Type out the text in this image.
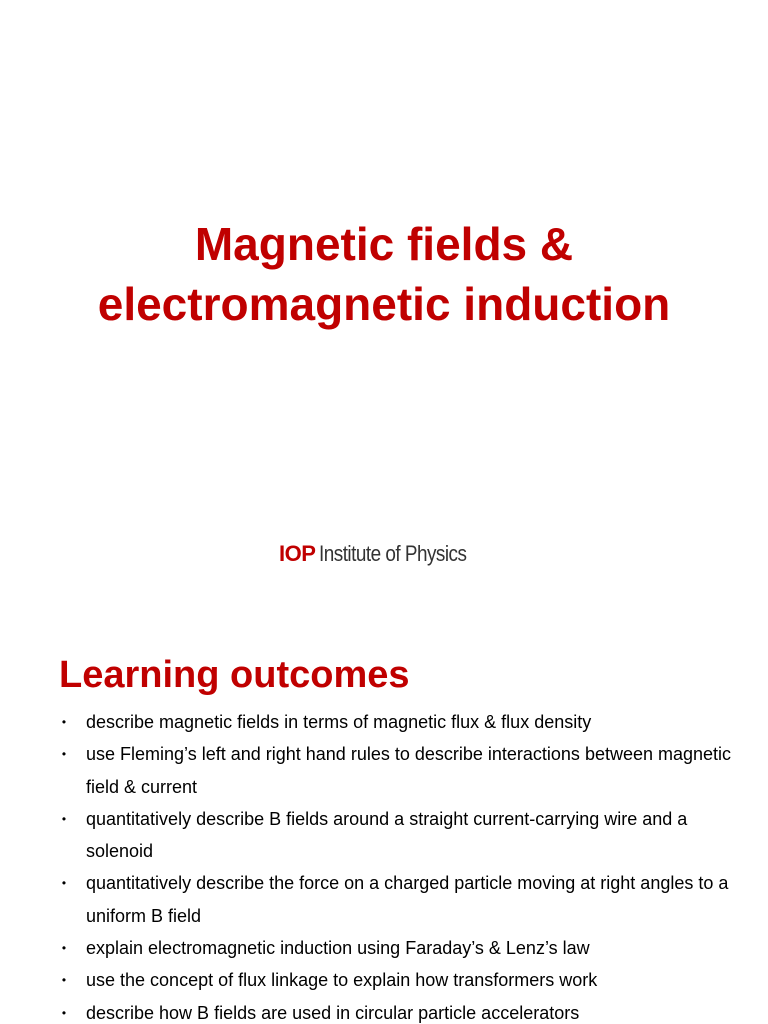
Magnetic fields &
electromagnetic induction
IOP Institute of Physics
Learning outcomes
• describe magnetic fields in terms of magnetic flux & flux density
• use Fleming’s left and right hand rules to describe interactions between magnetic field & current
• quantitatively describe B fields around a straight current-carrying wire and a solenoid
• quantitatively describe the force on a charged particle moving at right angles to a uniform B field
• explain electromagnetic induction using Faraday’s & Lenz’s law
• use the concept of flux linkage to explain how transformers work
• describe how B fields are used in circular particle accelerators
